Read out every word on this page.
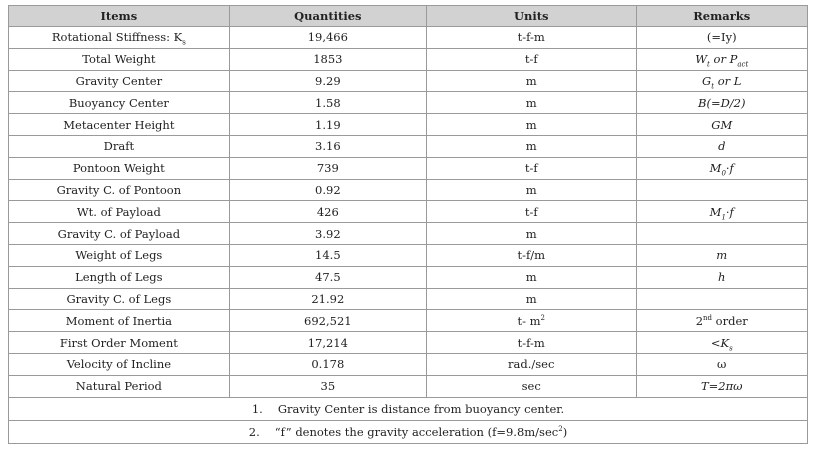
Items	Quantities	Units	Remarks
Rotational Stiffness: $K_s$	19,466	t-f-m	(=Iy)
Total Weight	1853	t-f	$W_t$ or $P_{act}$
Gravity Center	9.29	m	$G_t$ or L
Buoyancy Center	1.58	m	B(=D/2)
Metacenter Height	1.19	m	GM
Draft	3.16	m	d
Pontoon Weight	739	t-f	$M_0\cdot f$
Gravity C. of Pontoon	0.92	m	
Wt. of Payload	426	t-f	$M_1\cdot f$
Gravity C. of Payload	3.92	m	
Weight of Legs	14.5	t-f/m	m
Length of Legs	47.5	m	h
Gravity C. of Legs	21.92	m	
Moment of Inertia	692,521	t- $m^2$	2nd order
First Order Moment	17,214	t-f-m	$<K_s$
Velocity of Incline	0.178	rad./sec	ω
Natural Period	35	sec	T=2πω
1. Gravity Center is distance from buoyancy center.			
2. “f” denotes the gravity acceleration $(f=9.8m/\sec^2)$			
